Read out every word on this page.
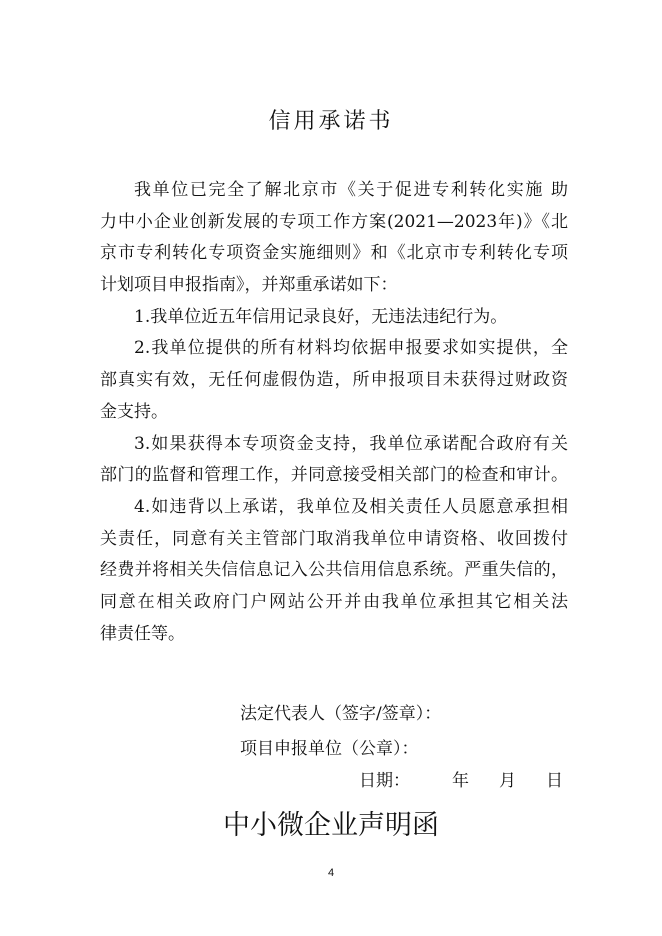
信用承诺书
我单位已完全了解北京市《关于促进专利转化实施 助
力中小企业创新发展的专项工作方案(2021—2023年)》《北
京市专利转化专项资金实施细则》和《北京市专利转化专项
计划项目申报指南》，并郑重承诺如下：
1.我单位近五年信用记录良好，无违法违纪行为。
2.我单位提供的所有材料均依据申报要求如实提供，全
部真实有效，无任何虚假伪造，所申报项目未获得过财政资
金支持。
3.如果获得本专项资金支持，我单位承诺配合政府有关
部门的监督和管理工作，并同意接受相关部门的检查和审计。
4.如违背以上承诺，我单位及相关责任人员愿意承担相
关责任，同意有关主管部门取消我单位申请资格、收回拨付
经费并将相关失信信息记入公共信用信息系统。严重失信的，
同意在相关政府门户网站公开并由我单位承担其它相关法
律责任等。
法定代表人（签字/签章）：
项目申报单位（公章）：
日期： 年 月 日
中小微企业声明函
4
